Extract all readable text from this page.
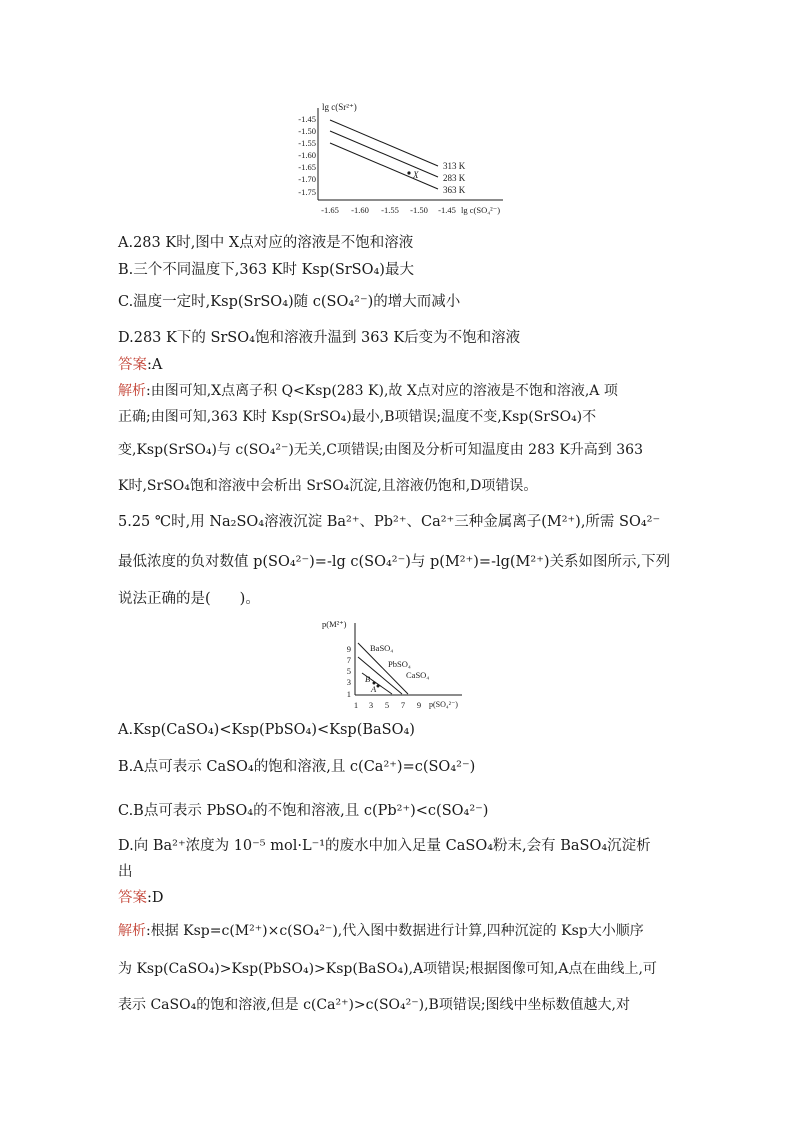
lg c(Sr²⁺)
-1.45
-1.50
-1.55
-1.60
-1.65
-1.70
-1.75
-1.65 -1.60 -1.55 -1.50 -1.45 lg c(SO₄²⁻)
313 K
283 K
363 K
X
A.283 K时,图中 X点对应的溶液是不饱和溶液
B.三个不同温度下,363 K时 Ksp(SrSO₄)最大
C.温度一定时,Ksp(SrSO₄)随 c(SO₄²⁻)的增大而减小
D.283 K下的 SrSO₄饱和溶液升温到 363 K后变为不饱和溶液
答案:A
解析:由图可知,X点离子积 Q<Ksp(283 K),故 X点对应的溶液是不饱和溶液,A 项
正确;由图可知,363 K时 Ksp(SrSO₄)最小,B项错误;温度不变,Ksp(SrSO₄)不
变,Ksp(SrSO₄)与 c(SO₄²⁻)无关,C项错误;由图及分析可知温度由 283 K升高到 363
K时,SrSO₄饱和溶液中会析出 SrSO₄沉淀,且溶液仍饱和,D项错误。
5.25 ℃时,用 Na₂SO₄溶液沉淀 Ba²⁺、Pb²⁺、Ca²⁺三种金属离子(M²⁺),所需 SO₄²⁻
最低浓度的负对数值 p(SO₄²⁻)=-lg c(SO₄²⁻)与 p(M²⁺)=-lg(M²⁺)关系如图所示,下列
说法正确的是(　　)。
p(M²⁺)
9
7
5
3
1
1 3 5 7 9 p(SO₄²⁻)
BaSO₄
PbSO₄
CaSO₄
B
A
A.Ksp(CaSO₄)<Ksp(PbSO₄)<Ksp(BaSO₄)
B.A点可表示 CaSO₄的饱和溶液,且 c(Ca²⁺)=c(SO₄²⁻)
C.B点可表示 PbSO₄的不饱和溶液,且 c(Pb²⁺)<c(SO₄²⁻)
D.向 Ba²⁺浓度为 10⁻⁵ mol·L⁻¹的废水中加入足量 CaSO₄粉末,会有 BaSO₄沉淀析
出
答案:D
解析:根据 Ksp=c(M²⁺)×c(SO₄²⁻),代入图中数据进行计算,四种沉淀的 Ksp大小顺序
为 Ksp(CaSO₄)>Ksp(PbSO₄)>Ksp(BaSO₄),A项错误;根据图像可知,A点在曲线上,可
表示 CaSO₄的饱和溶液,但是 c(Ca²⁺)>c(SO₄²⁻),B项错误;图线中坐标数值越大,对
